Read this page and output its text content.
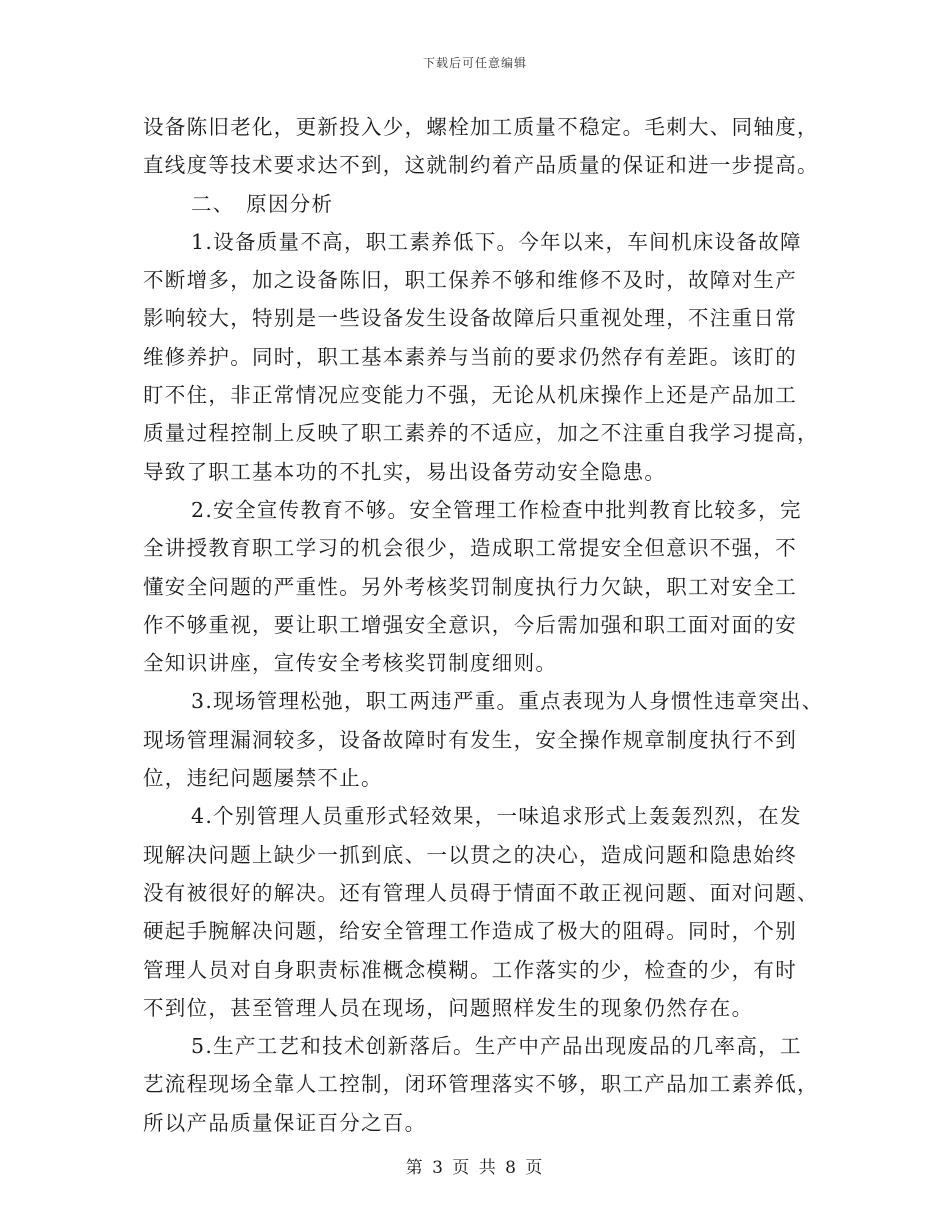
下载后可任意编辑
设备陈旧老化，更新投入少，螺栓加工质量不稳定。毛刺大、同轴度，
直线度等技术要求达不到，这就制约着产品质量的保证和进一步提高。
二、　原因分析
1.设备质量不高，职工素养低下。今年以来，车间机床设备故障
不断增多，加之设备陈旧，职工保养不够和维修不及时，故障对生产
影响较大，特别是一些设备发生设备故障后只重视处理，不注重日常
维修养护。同时，职工基本素养与当前的要求仍然存有差距。该盯的
盯不住，非正常情况应变能力不强，无论从机床操作上还是产品加工
质量过程控制上反映了职工素养的不适应，加之不注重自我学习提高，
导致了职工基本功的不扎实，易出设备劳动安全隐患。
2.安全宣传教育不够。安全管理工作检查中批判教育比较多，完
全讲授教育职工学习的机会很少，造成职工常提安全但意识不强，不
懂安全问题的严重性。另外考核奖罚制度执行力欠缺，职工对安全工
作不够重视，要让职工增强安全意识，今后需加强和职工面对面的安
全知识讲座，宣传安全考核奖罚制度细则。
3.现场管理松弛，职工两违严重。重点表现为人身惯性违章突出、
现场管理漏洞较多，设备故障时有发生，安全操作规章制度执行不到
位，违纪问题屡禁不止。
4.个别管理人员重形式轻效果，一味追求形式上轰轰烈烈，在发
现解决问题上缺少一抓到底、一以贯之的决心，造成问题和隐患始终
没有被很好的解决。还有管理人员碍于情面不敢正视问题、面对问题、
硬起手腕解决问题，给安全管理工作造成了极大的阻碍。同时，个别
管理人员对自身职责标准概念模糊。工作落实的少，检查的少，有时
不到位，甚至管理人员在现场，问题照样发生的现象仍然存在。
5.生产工艺和技术创新落后。生产中产品出现废品的几率高，工
艺流程现场全靠人工控制，闭环管理落实不够，职工产品加工素养低，
所以产品质量保证百分之百。
第 3 页 共 8 页
